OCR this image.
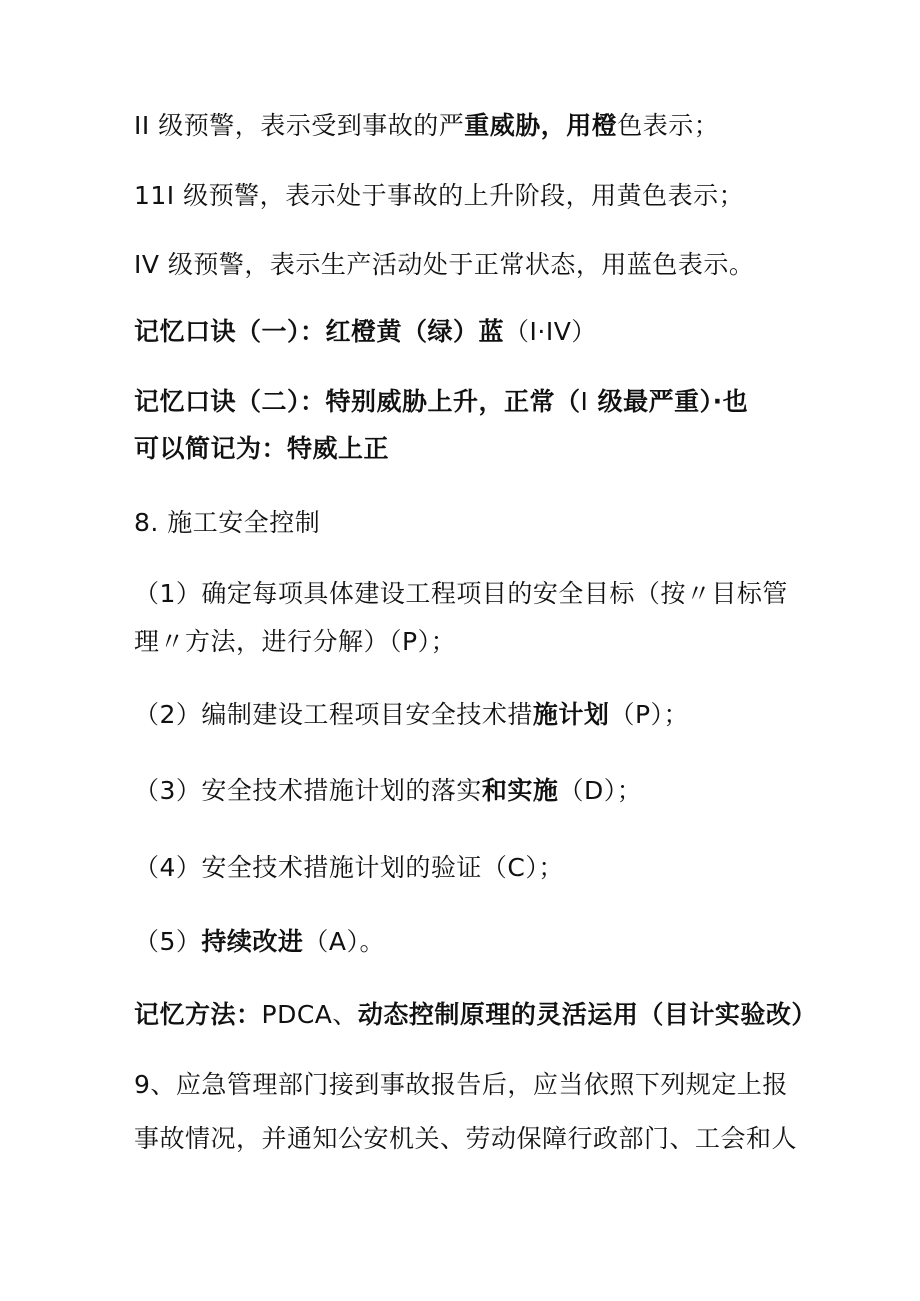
II 级预警，表示受到事故的严重威胁，用橙色表示；
11I 级预警，表示处于事故的上升阶段，用黄色表示；
IV 级预警，表示生产活动处于正常状态，用蓝色表示。
记忆口诀（一）：红橙黄（绿）蓝（I·IV）
记忆口诀（二）：特别威胁上升，正常（I 级最严重）·也
可以简记为：特威上正
8. 施工安全控制
（1）确定每项具体建设工程项目的安全目标（按〃目标管
理〃方法，进行分解）（P）；
（2）编制建设工程项目安全技术措施计划（P）；
（3）安全技术措施计划的落实和实施（D）；
（4）安全技术措施计划的验证（C）；
（5）持续改进（A）。
记忆方法：PDCA、动态控制原理的灵活运用（目计实验改）
9、应急管理部门接到事故报告后，应当依照下列规定上报
事故情况，并通知公安机关、劳动保障行政部门、工会和人
